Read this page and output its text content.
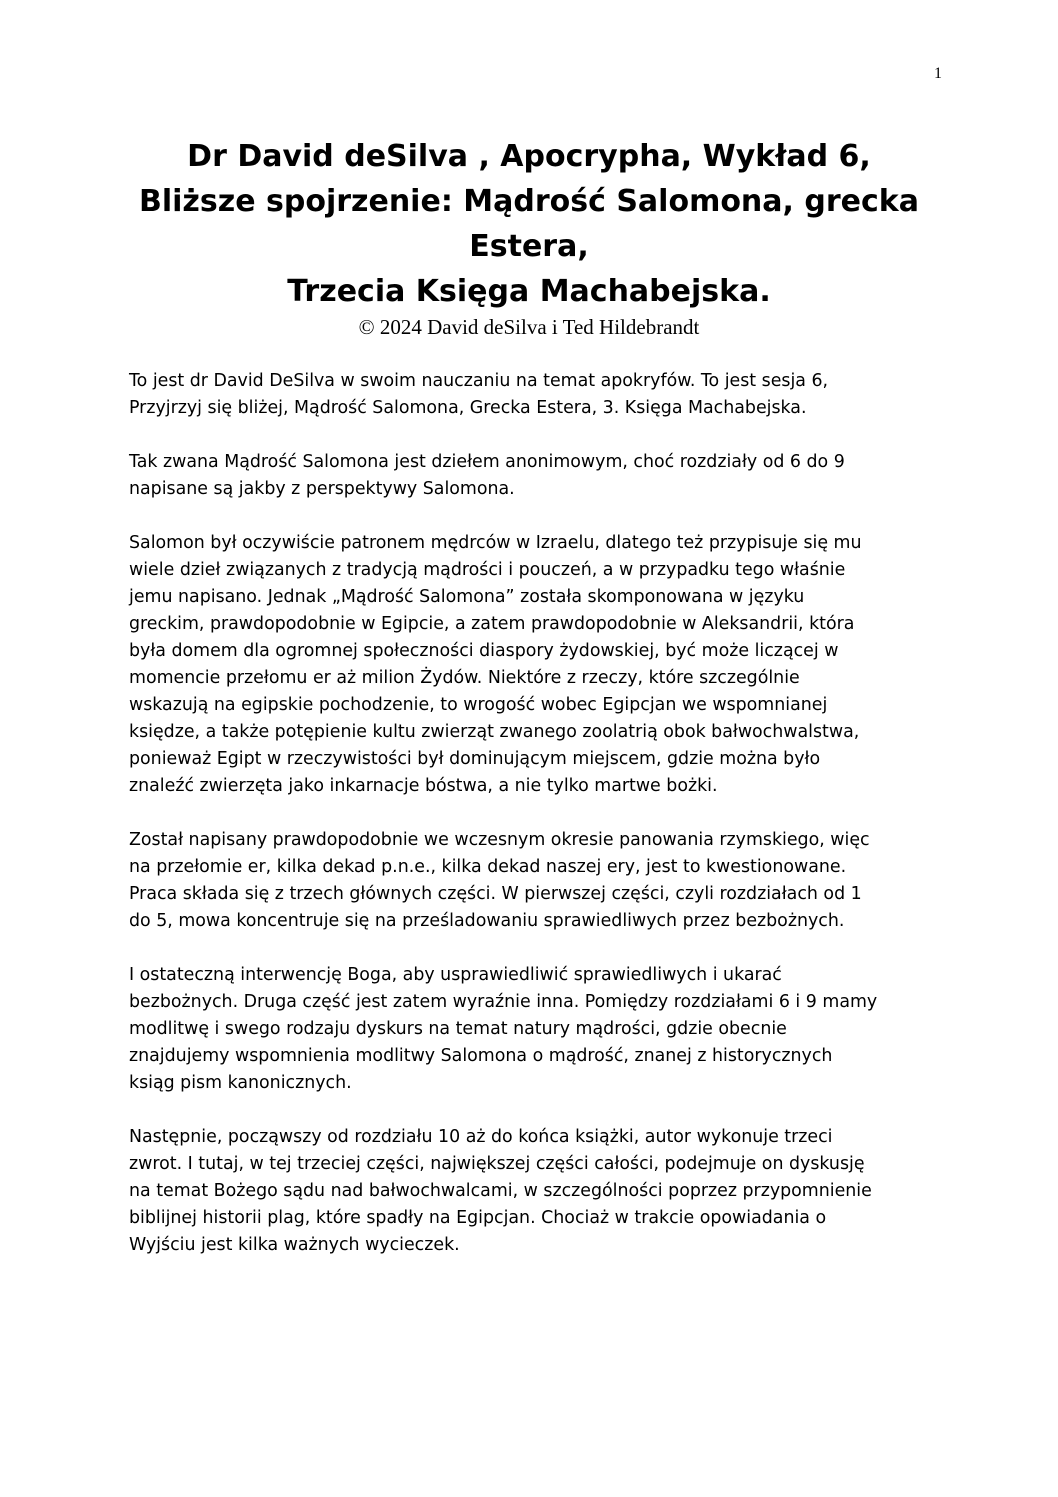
1
Dr David deSilva , Apocrypha, Wykład 6,
Bliższe spojrzenie: Mądrość Salomona, grecka
Estera,
Trzecia Księga Machabejska.
© 2024 David deSilva i Ted Hildebrandt

To jest dr David DeSilva w swoim nauczaniu na temat apokryfów. To jest sesja 6,
Przyjrzyj się bliżej, Mądrość Salomona, Grecka Estera, 3. Księga Machabejska.

Tak zwana Mądrość Salomona jest dziełem anonimowym, choć rozdziały od 6 do 9
napisane są jakby z perspektywy Salomona.

Salomon był oczywiście patronem mędrców w Izraelu, dlatego też przypisuje się mu
wiele dzieł związanych z tradycją mądrości i pouczeń, a w przypadku tego właśnie
jemu napisano. Jednak „Mądrość Salomona” została skomponowana w języku
greckim, prawdopodobnie w Egipcie, a zatem prawdopodobnie w Aleksandrii, która
była domem dla ogromnej społeczności diaspory żydowskiej, być może liczącej w
momencie przełomu er aż milion Żydów. Niektóre z rzeczy, które szczególnie
wskazują na egipskie pochodzenie, to wrogość wobec Egipcjan we wspomnianej
księdze, a także potępienie kultu zwierząt zwanego zoolatrią obok bałwochwalstwa,
ponieważ Egipt w rzeczywistości był dominującym miejscem, gdzie można było
znaleźć zwierzęta jako inkarnacje bóstwa, a nie tylko martwe bożki.

Został napisany prawdopodobnie we wczesnym okresie panowania rzymskiego, więc
na przełomie er, kilka dekad p.n.e., kilka dekad naszej ery, jest to kwestionowane.
Praca składa się z trzech głównych części. W pierwszej części, czyli rozdziałach od 1
do 5, mowa koncentruje się na prześladowaniu sprawiedliwych przez bezbożnych.

I ostateczną interwencję Boga, aby usprawiedliwić sprawiedliwych i ukarać
bezbożnych. Druga część jest zatem wyraźnie inna. Pomiędzy rozdziałami 6 i 9 mamy
modlitwę i swego rodzaju dyskurs na temat natury mądrości, gdzie obecnie
znajdujemy wspomnienia modlitwy Salomona o mądrość, znanej z historycznych
ksiąg pism kanonicznych.

Następnie, począwszy od rozdziału 10 aż do końca książki, autor wykonuje trzeci
zwrot. I tutaj, w tej trzeciej części, największej części całości, podejmuje on dyskusję
na temat Bożego sądu nad bałwochwalcami, w szczególności poprzez przypomnienie
biblijnej historii plag, które spadły na Egipcjan. Chociaż w trakcie opowiadania o
Wyjściu jest kilka ważnych wycieczek.
